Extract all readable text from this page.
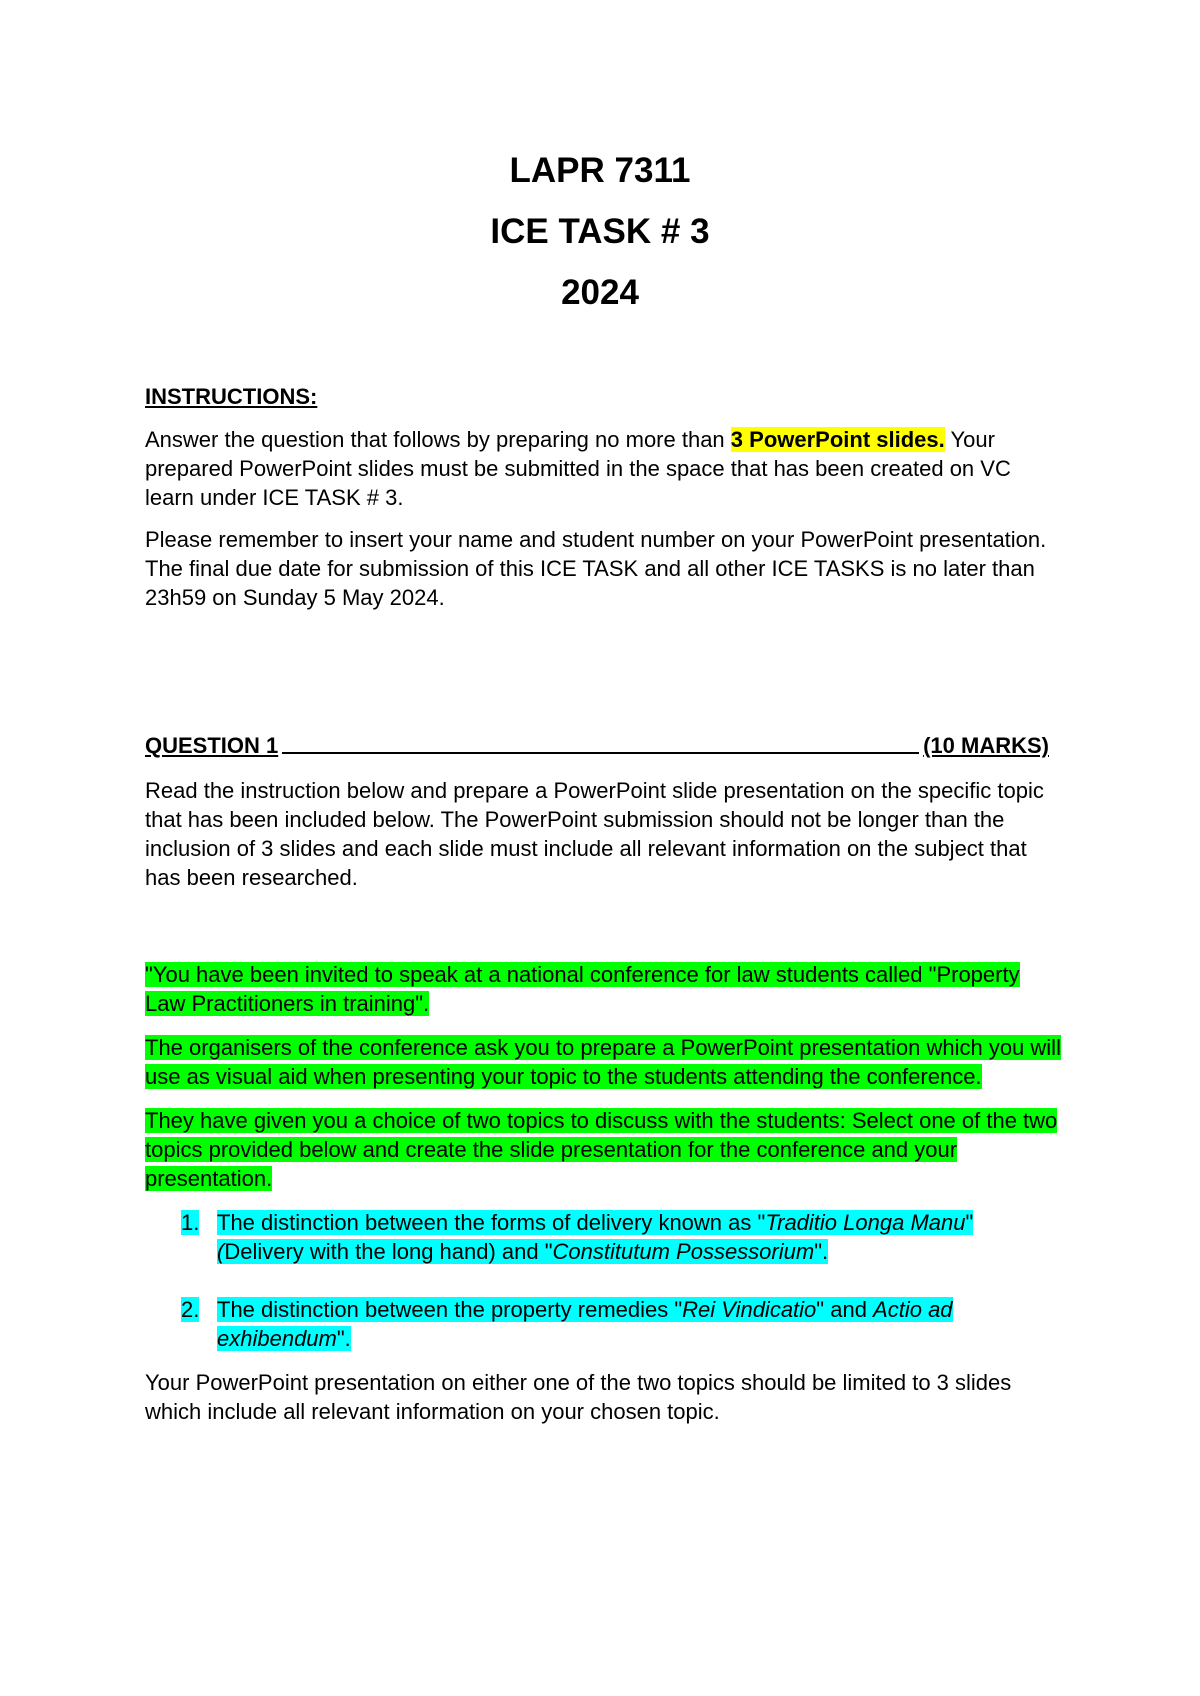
LAPR 7311
ICE TASK # 3
2024

INSTRUCTIONS:

Answer the question that follows by preparing no more than 3 PowerPoint slides. Your prepared PowerPoint slides must be submitted in the space that has been created on VC learn under ICE TASK # 3.

Please remember to insert your name and student number on your PowerPoint presentation. The final due date for submission of this ICE TASK and all other ICE TASKS is no later than 23h59 on Sunday 5 May 2024.

QUESTION 1	(10 MARKS)

Read the instruction below and prepare a PowerPoint slide presentation on the specific topic that has been included below. The PowerPoint submission should not be longer than the inclusion of 3 slides and each slide must include all relevant information on the subject that has been researched.

"You have been invited to speak at a national conference for law students called "Property Law Practitioners in training".

The organisers of the conference ask you to prepare a PowerPoint presentation which you will use as visual aid when presenting your topic to the students attending the conference.

They have given you a choice of two topics to discuss with the students: Select one of the two topics provided below and create the slide presentation for the conference and your presentation.

1. The distinction between the forms of delivery known as "Traditio Longa Manu" (Delivery with the long hand) and "Constitutum Possessorium".
2. The distinction between the property remedies "Rei Vindicatio" and Actio ad exhibendum".

Your PowerPoint presentation on either one of the two topics should be limited to 3 slides which include all relevant information on your chosen topic.
